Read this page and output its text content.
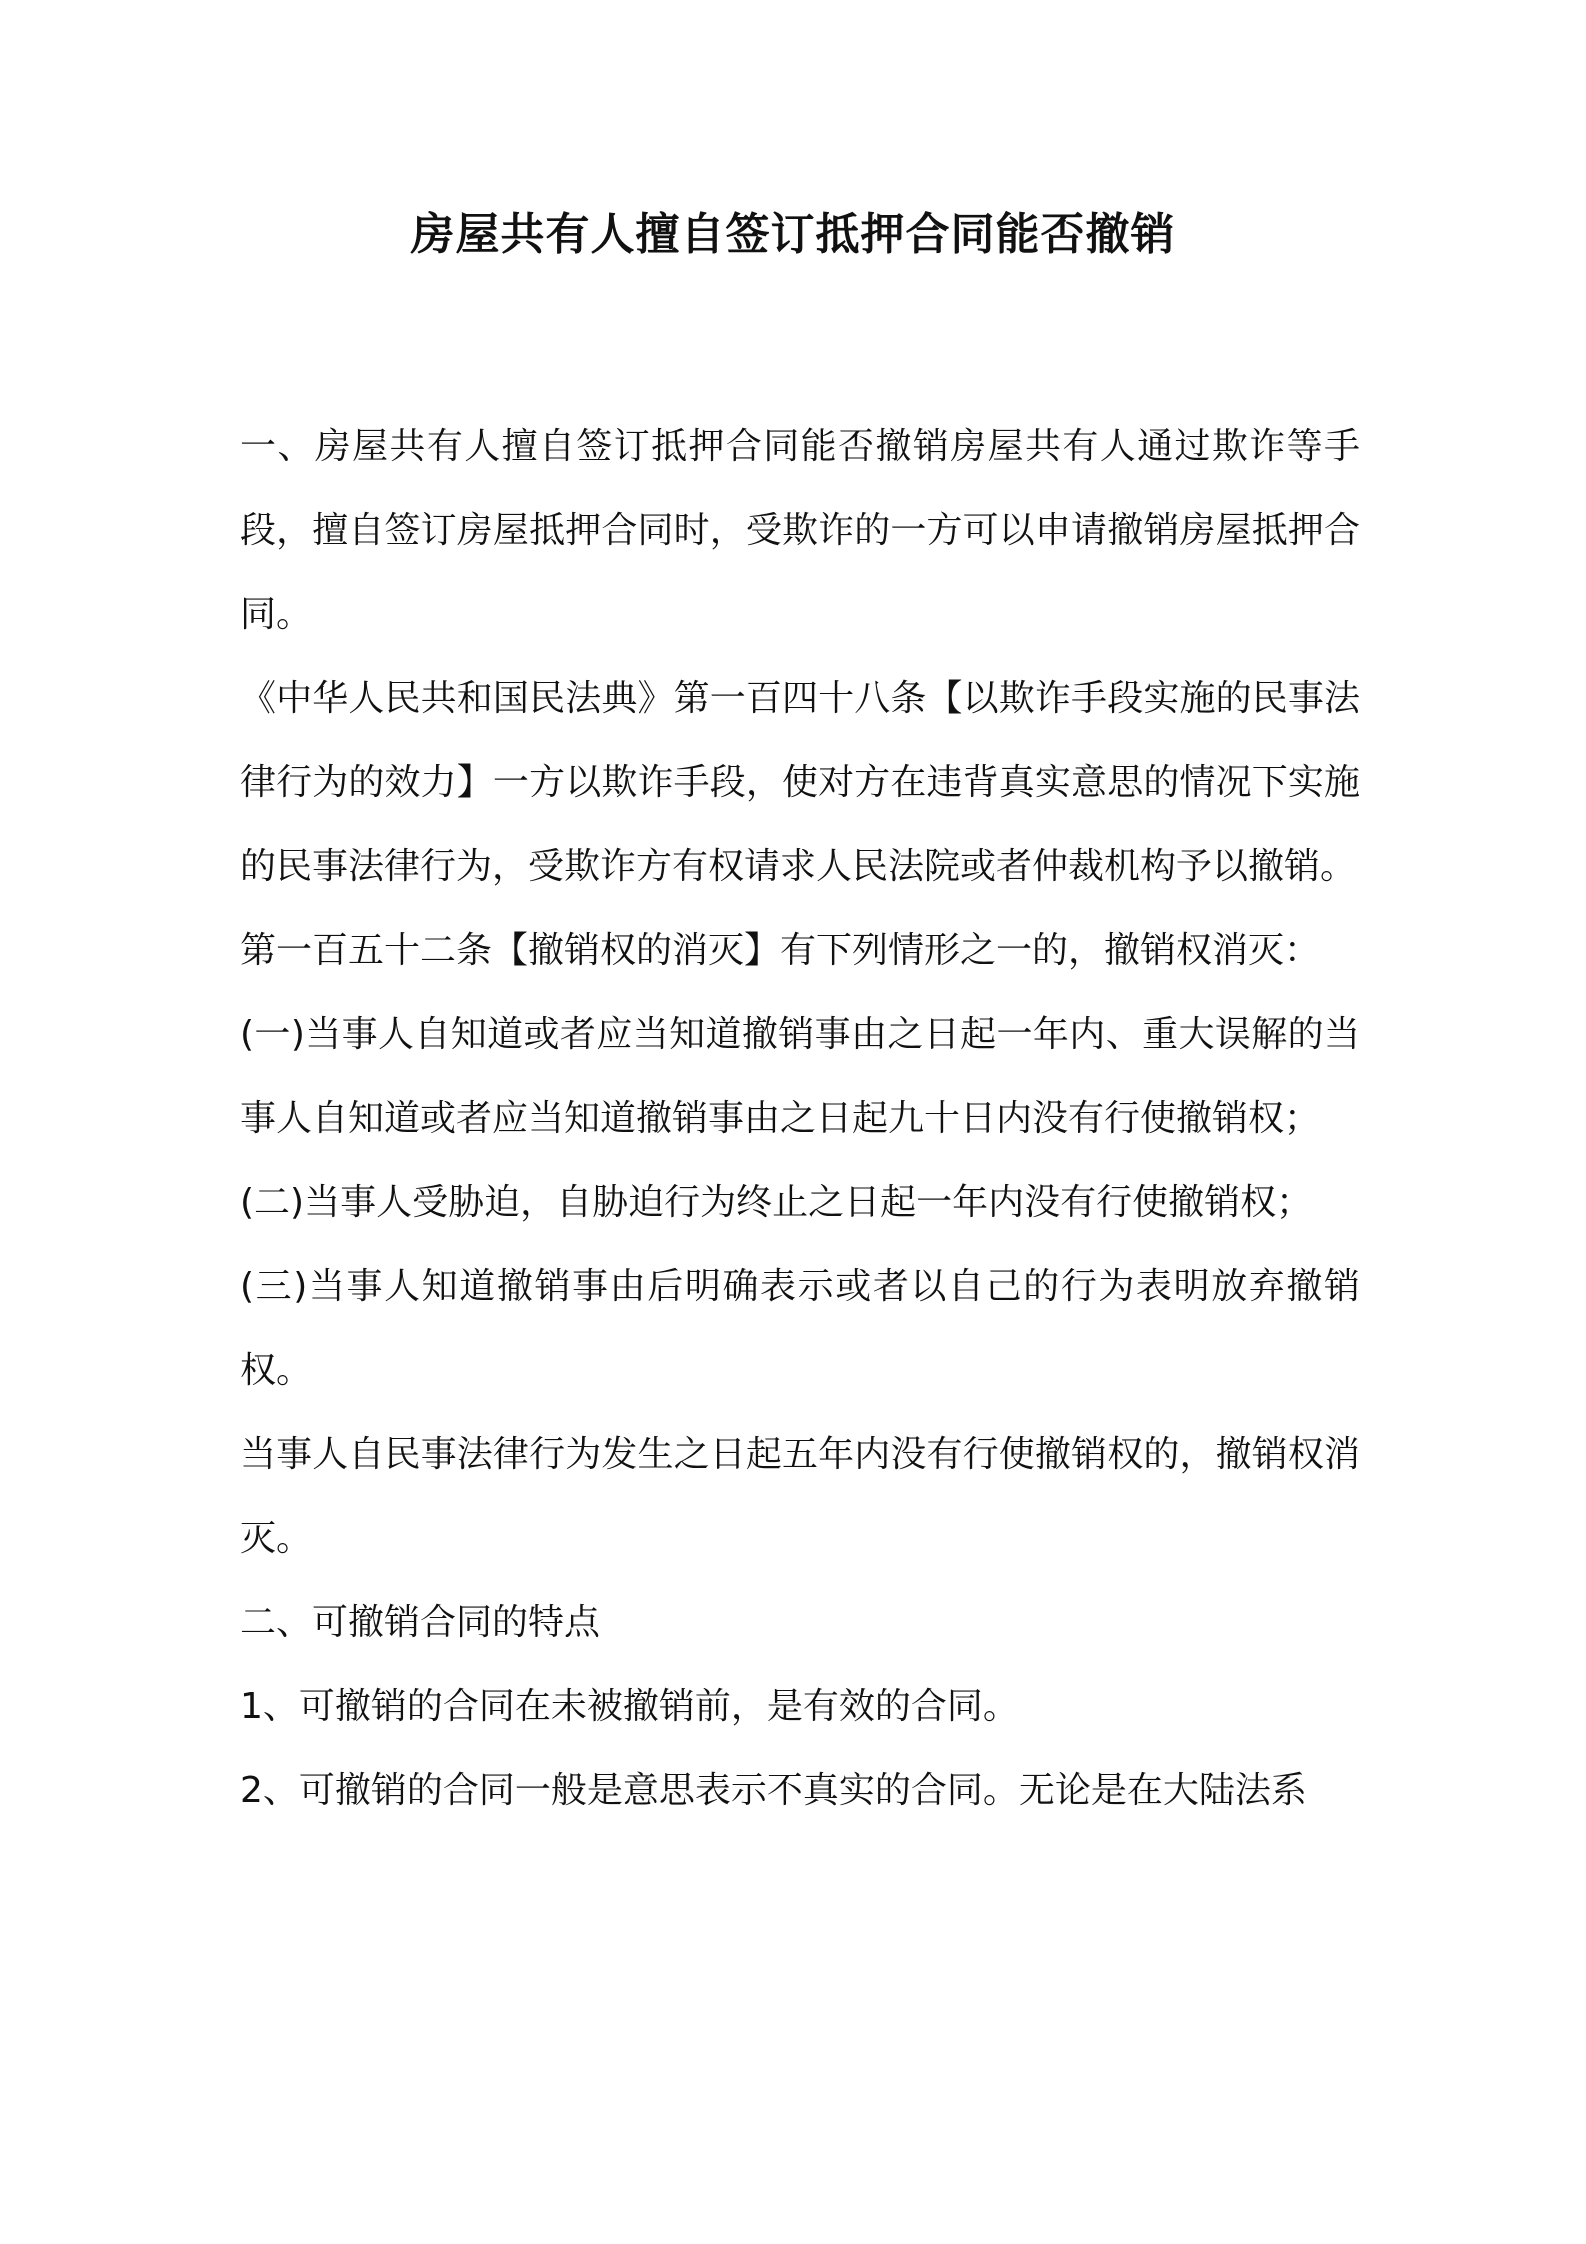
房屋共有人擅自签订抵押合同能否撤销

一、房屋共有人擅自签订抵押合同能否撤销房屋共有人通过欺诈等手段，擅自签订房屋抵押合同时，受欺诈的一方可以申请撤销房屋抵押合同。

《中华人民共和国民法典》第一百四十八条【以欺诈手段实施的民事法律行为的效力】一方以欺诈手段，使对方在违背真实意思的情况下实施的民事法律行为，受欺诈方有权请求人民法院或者仲裁机构予以撤销。

第一百五十二条【撤销权的消灭】有下列情形之一的，撤销权消灭：

(一)当事人自知道或者应当知道撤销事由之日起一年内、重大误解的当事人自知道或者应当知道撤销事由之日起九十日内没有行使撤销权；

(二)当事人受胁迫，自胁迫行为终止之日起一年内没有行使撤销权；

(三)当事人知道撤销事由后明确表示或者以自己的行为表明放弃撤销权。

当事人自民事法律行为发生之日起五年内没有行使撤销权的，撤销权消灭。

二、可撤销合同的特点

1、可撤销的合同在未被撤销前，是有效的合同。

2、可撤销的合同一般是意思表示不真实的合同。无论是在大陆法系
